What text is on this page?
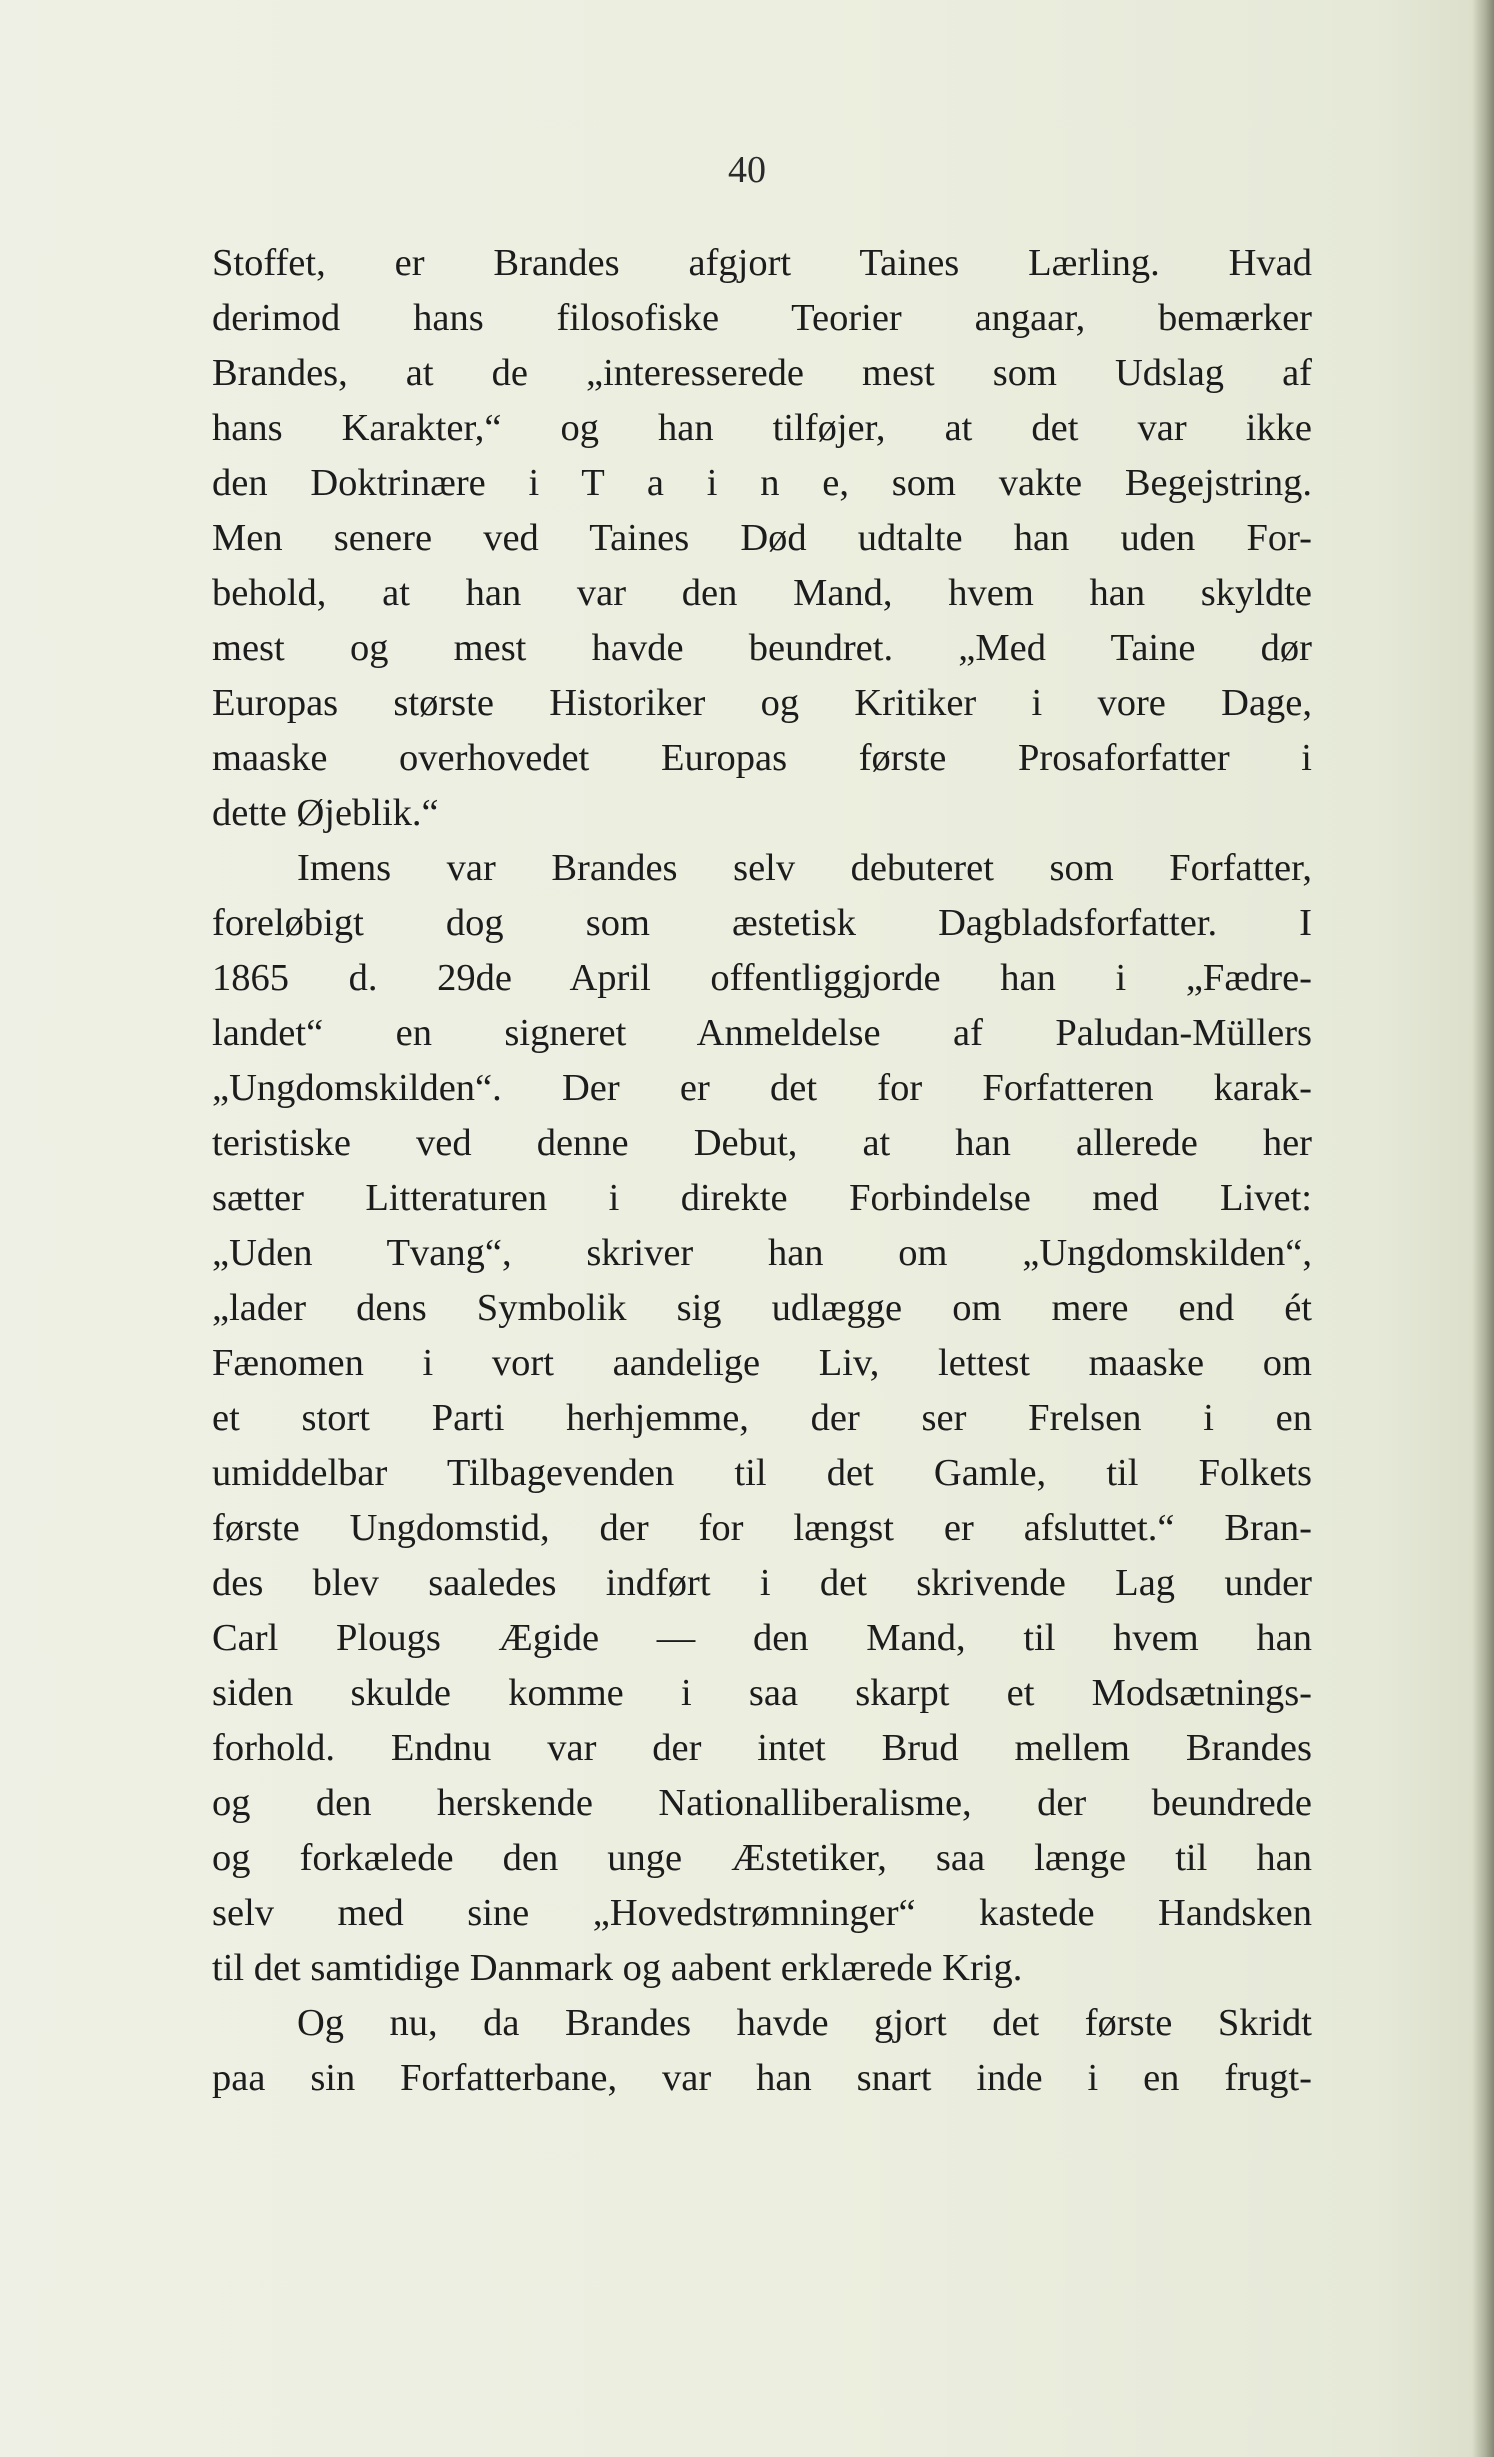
40

Stoffet, er Brandes afgjort Taines Lærling. Hvad
derimod hans filosofiske Teorier angaar, bemærker
Brandes, at de „interesserede mest som Udslag af
hans Karakter,“ og han tilføjer, at det var ikke
den Doktrinære i T a i n e, som vakte Begejstring.
Men senere ved Taines Død udtalte han uden For-
behold, at han var den Mand, hvem han skyldte
mest og mest havde beundret. „Med Taine dør
Europas største Historiker og Kritiker i vore Dage,
maaske overhovedet Europas første Prosaforfatter i
dette Øjeblik.“
Imens var Brandes selv debuteret som Forfatter,
foreløbigt dog som æstetisk Dagbladsforfatter. I
1865 d. 29de April offentliggjorde han i „Fædre-
landet“ en signeret Anmeldelse af Paludan-Müllers
„Ungdomskilden“. Der er det for Forfatteren karak-
teristiske ved denne Debut, at han allerede her
sætter Litteraturen i direkte Forbindelse med Livet:
„Uden Tvang“, skriver han om „Ungdomskilden“,
„lader dens Symbolik sig udlægge om mere end ét
Fænomen i vort aandelige Liv, lettest maaske om
et stort Parti herhjemme, der ser Frelsen i en
umiddelbar Tilbagevenden til det Gamle, til Folkets
første Ungdomstid, der for længst er afsluttet.“ Bran-
des blev saaledes indført i det skrivende Lag under
Carl Plougs Ægide — den Mand, til hvem han
siden skulde komme i saa skarpt et Modsætnings-
forhold. Endnu var der intet Brud mellem Brandes
og den herskende Nationalliberalisme, der beundrede
og forkælede den unge Æstetiker, saa længe til han
selv med sine „Hovedstrømninger“ kastede Handsken
til det samtidige Danmark og aabent erklærede Krig.
Og nu, da Brandes havde gjort det første Skridt
paa sin Forfatterbane, var han snart inde i en frugt-
